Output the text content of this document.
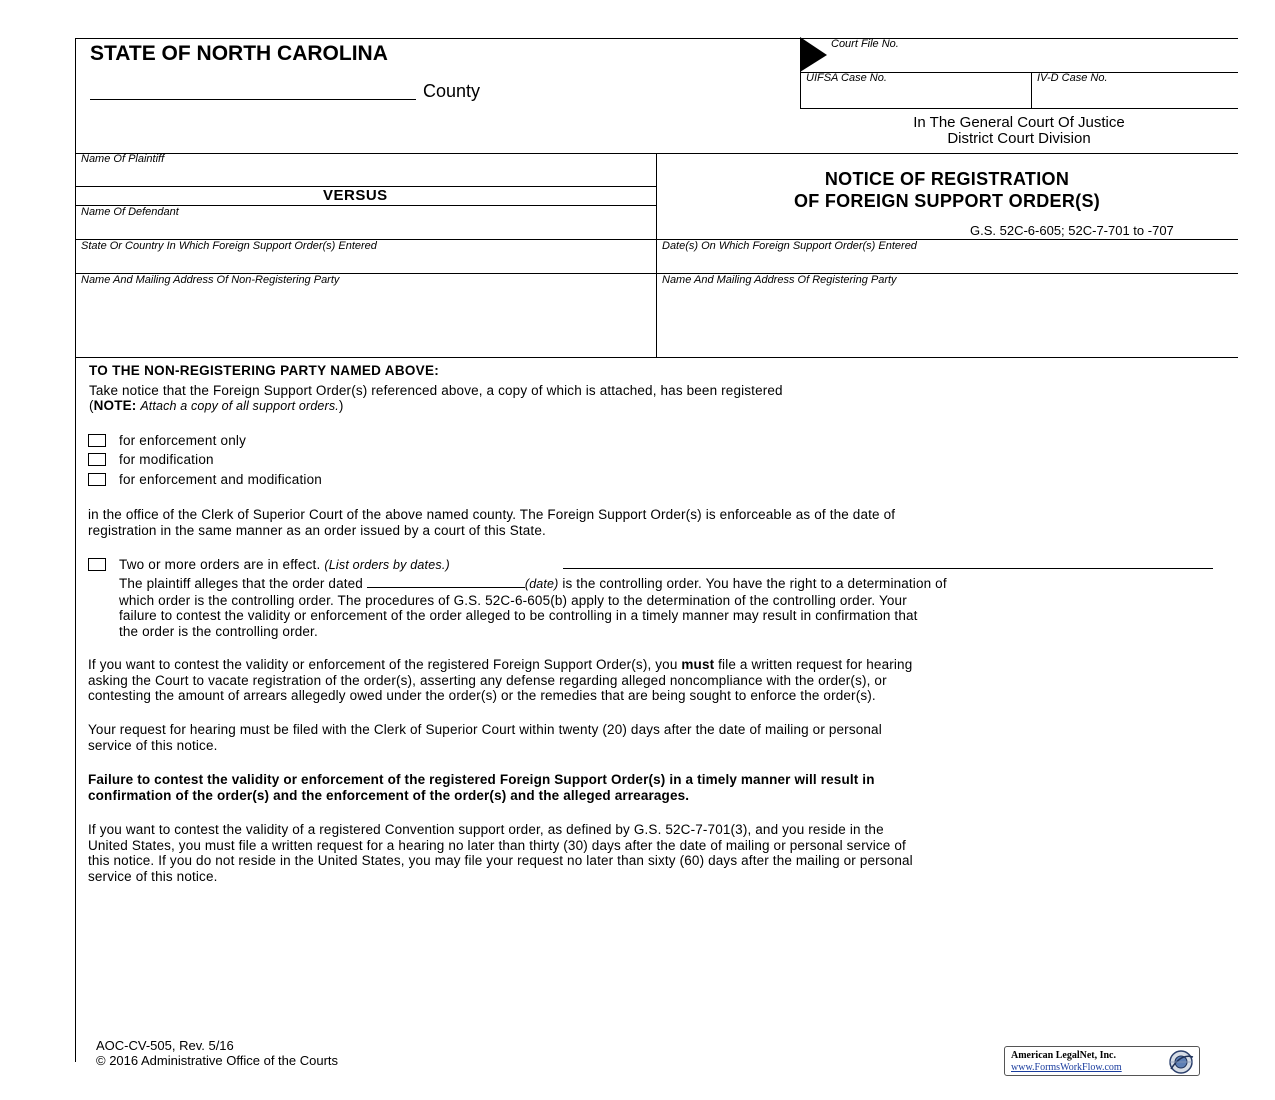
STATE OF NORTH CAROLINA
County
Court File No.
UIFSA Case No.	IV-D Case No.
In The General Court Of Justice
District Court Division
Name Of Plaintiff
VERSUS
Name Of Defendant
NOTICE OF REGISTRATION
OF FOREIGN SUPPORT ORDER(S)
G.S. 52C-6-605; 52C-7-701 to -707
State Or Country In Which Foreign Support Order(s) Entered	Date(s) On Which Foreign Support Order(s) Entered
Name And Mailing Address Of Non-Registering Party	Name And Mailing Address Of Registering Party
TO THE NON-REGISTERING PARTY NAMED ABOVE:
Take notice that the Foreign Support Order(s) referenced above, a copy of which is attached, has been registered
(NOTE: Attach a copy of all support orders.)
for enforcement only
for modification
for enforcement and modification
in the office of the Clerk of Superior Court of the above named county. The Foreign Support Order(s) is enforceable as of the date of
registration in the same manner as an order issued by a court of this State.
Two or more orders are in effect. (List orders by dates.)
The plaintiff alleges that the order dated	(date) is the controlling order. You have the right to a determination of
which order is the controlling order. The procedures of G.S. 52C-6-605(b) apply to the determination of the controlling order. Your
failure to contest the validity or enforcement of the order alleged to be controlling in a timely manner may result in confirmation that
the order is the controlling order.
If you want to contest the validity or enforcement of the registered Foreign Support Order(s), you must file a written request for hearing
asking the Court to vacate registration of the order(s), asserting any defense regarding alleged noncompliance with the order(s), or
contesting the amount of arrears allegedly owed under the order(s) or the remedies that are being sought to enforce the order(s).
Your request for hearing must be filed with the Clerk of Superior Court within twenty (20) days after the date of mailing or personal
service of this notice.
Failure to contest the validity or enforcement of the registered Foreign Support Order(s) in a timely manner will result in
confirmation of the order(s) and the enforcement of the order(s) and the alleged arrearages.
If you want to contest the validity of a registered Convention support order, as defined by G.S. 52C-7-701(3), and you reside in the
United States, you must file a written request for a hearing no later than thirty (30) days after the date of mailing or personal service of
this notice. If you do not reside in the United States, you may file your request no later than sixty (60) days after the mailing or personal
service of this notice.
AOC-CV-505, Rev. 5/16
© 2016 Administrative Office of the Courts	American LegalNet, Inc.
www.FormsWorkFlow.com
